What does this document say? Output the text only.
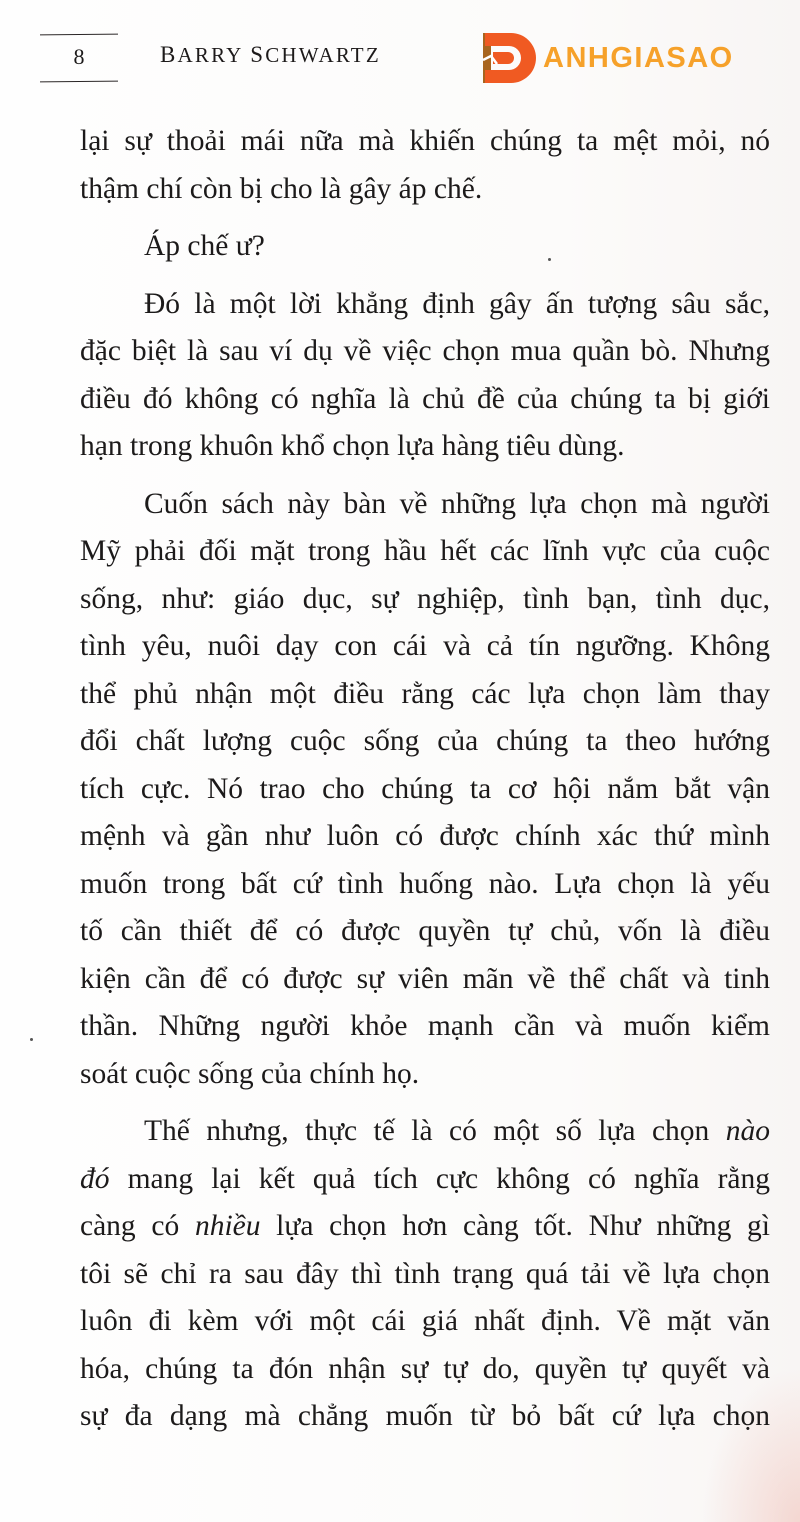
8	BARRY SCHWARTZ	ANHGIASAO
lại sự thoải mái nữa mà khiến chúng ta mệt mỏi, nó
thậm chí còn bị cho là gây áp chế.
Áp chế ư?
Đó là một lời khẳng định gây ấn tượng sâu sắc,
đặc biệt là sau ví dụ về việc chọn mua quần bò. Nhưng
điều đó không có nghĩa là chủ đề của chúng ta bị giới
hạn trong khuôn khổ chọn lựa hàng tiêu dùng.
Cuốn sách này bàn về những lựa chọn mà người
Mỹ phải đối mặt trong hầu hết các lĩnh vực của cuộc
sống, như: giáo dục, sự nghiệp, tình bạn, tình dục,
tình yêu, nuôi dạy con cái và cả tín ngưỡng. Không
thể phủ nhận một điều rằng các lựa chọn làm thay
đổi chất lượng cuộc sống của chúng ta theo hướng
tích cực. Nó trao cho chúng ta cơ hội nắm bắt vận
mệnh và gần như luôn có được chính xác thứ mình
muốn trong bất cứ tình huống nào. Lựa chọn là yếu
tố cần thiết để có được quyền tự chủ, vốn là điều
kiện cần để có được sự viên mãn về thể chất và tinh
thần. Những người khỏe mạnh cần và muốn kiểm
soát cuộc sống của chính họ.
Thế nhưng, thực tế là có một số lựa chọn nào
đó mang lại kết quả tích cực không có nghĩa rằng
càng có nhiều lựa chọn hơn càng tốt. Như những gì
tôi sẽ chỉ ra sau đây thì tình trạng quá tải về lựa chọn
luôn đi kèm với một cái giá nhất định. Về mặt văn
hóa, chúng ta đón nhận sự tự do, quyền tự quyết và
sự đa dạng mà chẳng muốn từ bỏ bất cứ lựa chọn
